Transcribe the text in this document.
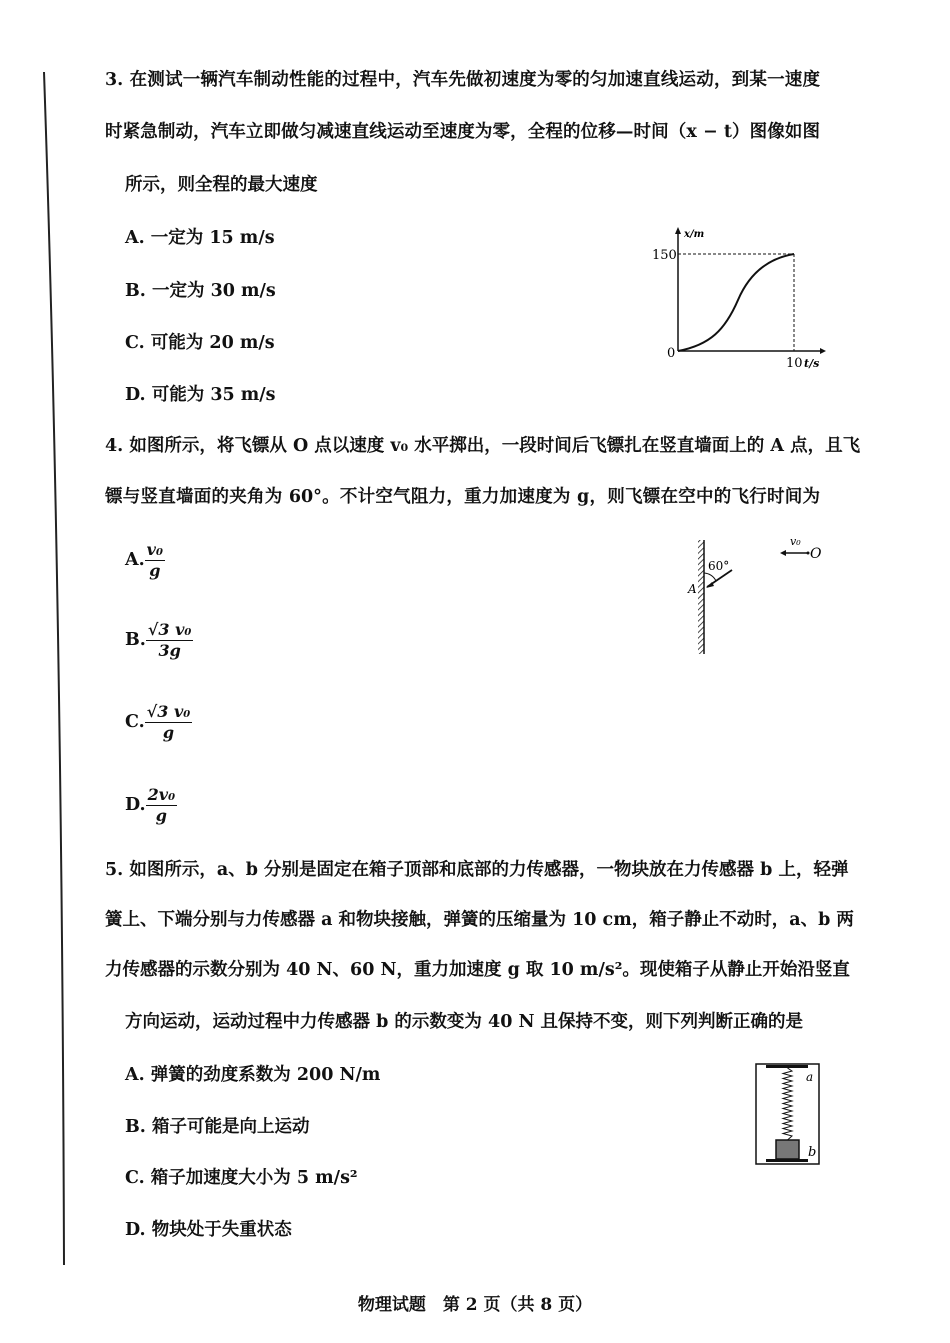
3. 在测试一辆汽车制动性能的过程中，汽车先做初速度为零的匀加速直线运动，到某一速度
时紧急制动，汽车立即做匀减速直线运动至速度为零，全程的位移—时间（x − t）图像如图
所示，则全程的最大速度
A. 一定为 15 m/s
B. 一定为 30 m/s
C. 可能为 20 m/s
D. 可能为 35 m/s
x/m
150
0
10 t/s
4. 如图所示，将飞镖从 O 点以速度 v₀ 水平掷出，一段时间后飞镖扎在竖直墙面上的 A 点，且飞
镖与竖直墙面的夹角为 60°。不计空气阻力，重力加速度为 g，则飞镖在空中的飞行时间为
A. $\frac{\text{v₀}}{g}$
B. $\frac{\text{√3 v₀}}{3g}$
C. $\frac{\text{√3 v₀}}{g}$
D. $\frac{\text{2v₀}}{g}$
60°
A
O
v₀
5. 如图所示，a、b 分别是固定在箱子顶部和底部的力传感器，一物块放在力传感器 b 上，轻弹
簧上、下端分别与力传感器 a 和物块接触，弹簧的压缩量为 10 cm，箱子静止不动时，a、b 两
力传感器的示数分别为 40 N、60 N，重力加速度 g 取 10 m/s²。现使箱子从静止开始沿竖直
方向运动，运动过程中力传感器 b 的示数变为 40 N 且保持不变，则下列判断正确的是
A. 弹簧的劲度系数为 200 N/m
B. 箱子可能是向上运动
C. 箱子加速度大小为 5 m/s²
D. 物块处于失重状态
a
b
物理试题　第 2 页（共 8 页）
